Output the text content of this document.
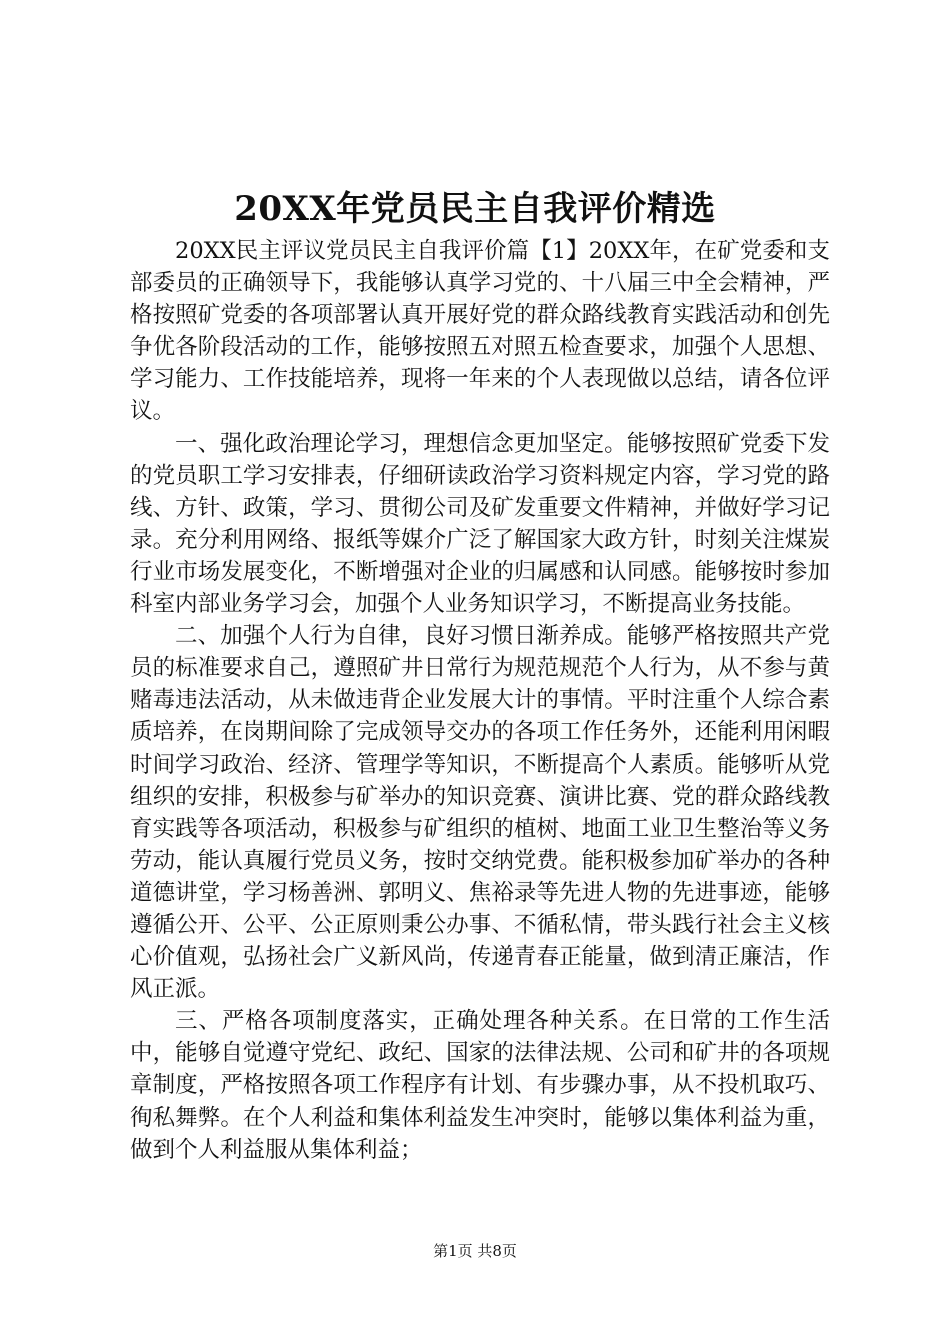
20XX年党员民主自我评价精选

20XX民主评议党员民主自我评价篇【1】20XX年，在矿党委和支部委员的正确领导下，我能够认真学习党的、十八届三中全会精神，严格按照矿党委的各项部署认真开展好党的群众路线教育实践活动和创先争优各阶段活动的工作，能够按照五对照五检查要求，加强个人思想、学习能力、工作技能培养，现将一年来的个人表现做以总结，请各位评议。

一、强化政治理论学习，理想信念更加坚定。能够按照矿党委下发的党员职工学习安排表，仔细研读政治学习资料规定内容，学习党的路线、方针、政策，学习、贯彻公司及矿发重要文件精神，并做好学习记录。充分利用网络、报纸等媒介广泛了解国家大政方针，时刻关注煤炭行业市场发展变化，不断增强对企业的归属感和认同感。能够按时参加科室内部业务学习会，加强个人业务知识学习，不断提高业务技能。

二、加强个人行为自律，良好习惯日渐养成。能够严格按照共产党员的标准要求自己，遵照矿井日常行为规范规范个人行为，从不参与黄赌毒违法活动，从未做违背企业发展大计的事情。平时注重个人综合素质培养，在岗期间除了完成领导交办的各项工作任务外，还能利用闲暇时间学习政治、经济、管理学等知识，不断提高个人素质。能够听从党组织的安排，积极参与矿举办的知识竞赛、演讲比赛、党的群众路线教育实践等各项活动，积极参与矿组织的植树、地面工业卫生整治等义务劳动，能认真履行党员义务，按时交纳党费。能积极参加矿举办的各种道德讲堂，学习杨善洲、郭明义、焦裕录等先进人物的先进事迹，能够遵循公开、公平、公正原则秉公办事、不循私情，带头践行社会主义核心价值观，弘扬社会广义新风尚，传递青春正能量，做到清正廉洁，作风正派。

三、严格各项制度落实，正确处理各种关系。在日常的工作生活中，能够自觉遵守党纪、政纪、国家的法律法规、公司和矿井的各项规章制度，严格按照各项工作程序有计划、有步骤办事，从不投机取巧、徇私舞弊。在个人利益和集体利益发生冲突时，能够以集体利益为重，做到个人利益服从集体利益；

第1页 共8页
